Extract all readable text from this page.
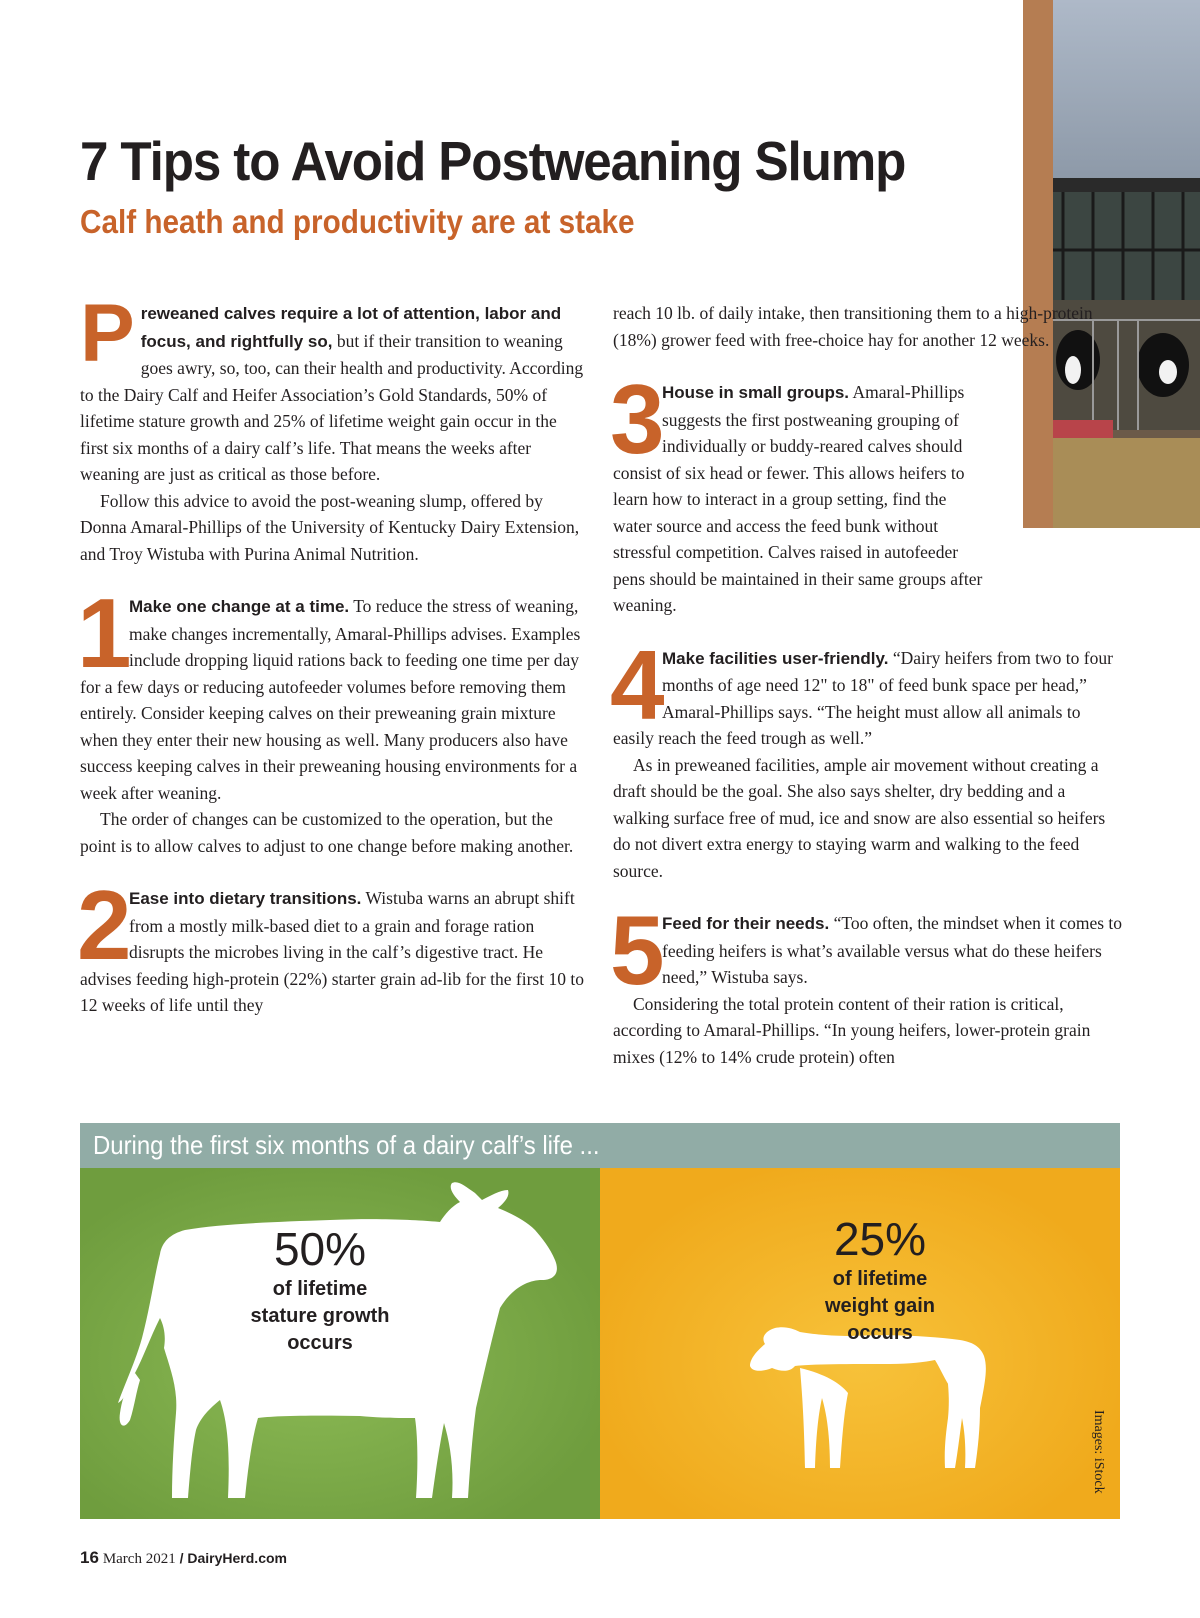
7 Tips to Avoid Postweaning Slump
Calf heath and productivity are at stake

Preweaned calves require a lot of attention, labor and focus, and rightfully so, but if their transition to weaning goes awry, so, too, can their health and productivity. According to the Dairy Calf and Heifer Association’s Gold Standards, 50% of lifetime stature growth and 25% of lifetime weight gain occur in the first six months of a dairy calf’s life. That means the weeks after weaning are just as critical as those before.

Follow this advice to avoid the post-weaning slump, offered by Donna Amaral-Phillips of the University of Kentucky Dairy Extension, and Troy Wistuba with Purina Animal Nutrition.

1
Make one change at a time. To reduce the stress of weaning, make changes incrementally, Amaral-Phillips advises. Examples include dropping liquid rations back to feeding one time per day for a few days or reducing autofeeder volumes before removing them entirely. Consider keeping calves on their preweaning grain mixture when they enter their new housing as well. Many producers also have success keeping calves in their preweaning housing environments for a week after weaning.

The order of changes can be customized to the operation, but the point is to allow calves to adjust to one change before making another.

2
Ease into dietary transitions. Wistuba warns an abrupt shift from a mostly milk-based diet to a grain and forage ration disrupts the microbes living in the calf’s digestive tract. He advises feeding high-protein (22%) starter grain ad-lib for the first 10 to 12 weeks of life until they

reach 10 lb. of daily intake, then transitioning them to a high-protein (18%) grower feed with free-choice hay for another 12 weeks.

3
House in small groups. Amaral-Phillips suggests the first postweaning grouping of individually or buddy-reared calves should consist of six head or fewer. This allows heifers to learn how to interact in a group setting, find the water source and access the feed bunk without stressful competition. Calves raised in autofeeder pens should be maintained in their same groups after weaning.

4
Make facilities user-friendly. “Dairy heifers from two to four months of age need 12" to 18" of feed bunk space per head,” Amaral-Phillips says. “The height must allow all animals to easily reach the feed trough as well.”

As in preweaned facilities, ample air movement without creating a draft should be the goal. She also says shelter, dry bedding and a walking surface free of mud, ice and snow are also essential so heifers do not divert extra energy to staying warm and walking to the feed source.

5
Feed for their needs. “Too often, the mindset when it comes to feeding heifers is what’s available versus what do these heifers need,” Wistuba says.

Considering the total protein content of their ration is critical, according to Amaral-Phillips. “In young heifers, lower-protein grain mixes (12% to 14% crude protein) often

During the first six months of a dairy calf’s life ...
50%
of lifetime
stature growth
occurs
25%
of lifetime
weight gain
occurs
Images: iStock
16 March 2021 / DairyHerd.com
